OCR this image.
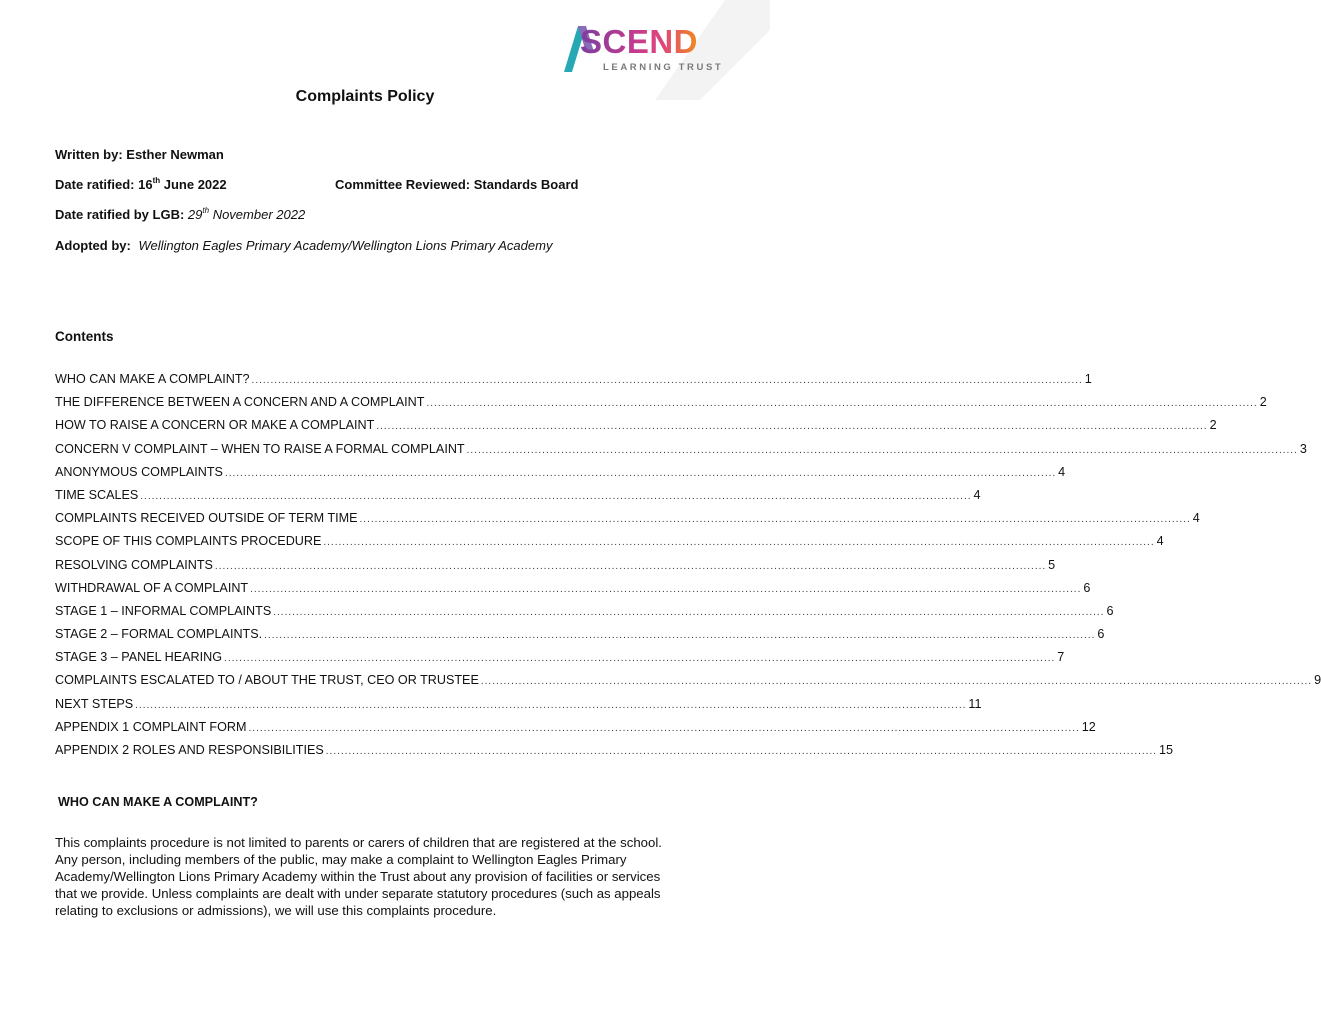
SCEND
LEARNING TRUST
Complaints Policy
Written by: Esther Newman
Date ratified: 16th June 2022	Committee Reviewed: Standards Board
Date ratified by LGB: 29th November 2022
Adopted by: Wellington Eagles Primary Academy/Wellington Lions Primary Academy
Contents
WHO CAN MAKE A COMPLAINT? ............................................................................................................................................................................................................................ 1
THE DIFFERENCE BETWEEN A CONCERN AND A COMPLAINT ............................................................................................................................................................................................................................ 2
HOW TO RAISE A CONCERN OR MAKE A COMPLAINT ............................................................................................................................................................................................................................ 2
CONCERN V COMPLAINT – WHEN TO RAISE A FORMAL COMPLAINT ............................................................................................................................................................................................................................ 3
ANONYMOUS COMPLAINTS ............................................................................................................................................................................................................................ 4
TIME SCALES ............................................................................................................................................................................................................................ 4
COMPLAINTS RECEIVED OUTSIDE OF TERM TIME ............................................................................................................................................................................................................................ 4
SCOPE OF THIS COMPLAINTS PROCEDURE ............................................................................................................................................................................................................................ 4
RESOLVING COMPLAINTS ............................................................................................................................................................................................................................ 5
WITHDRAWAL OF A COMPLAINT ............................................................................................................................................................................................................................ 6
STAGE 1 – INFORMAL COMPLAINTS ............................................................................................................................................................................................................................ 6
STAGE 2 – FORMAL COMPLAINTS. ............................................................................................................................................................................................................................ 6
STAGE 3 – PANEL HEARING ............................................................................................................................................................................................................................ 7
COMPLAINTS ESCALATED TO / ABOUT THE TRUST, CEO OR TRUSTEE ............................................................................................................................................................................................................................ 9
NEXT STEPS ............................................................................................................................................................................................................................ 11
APPENDIX 1 COMPLAINT FORM ............................................................................................................................................................................................................................ 12
APPENDIX 2 ROLES AND RESPONSIBILITIES ............................................................................................................................................................................................................................ 15
WHO CAN MAKE A COMPLAINT?
This complaints procedure is not limited to parents or carers of children that are registered at the school. Any person, including members of the public, may make a complaint to Wellington Eagles Primary Academy/Wellington Lions Primary Academy within the Trust about any provision of facilities or services that we provide. Unless complaints are dealt with under separate statutory procedures (such as appeals relating to exclusions or admissions), we will use this complaints procedure.
